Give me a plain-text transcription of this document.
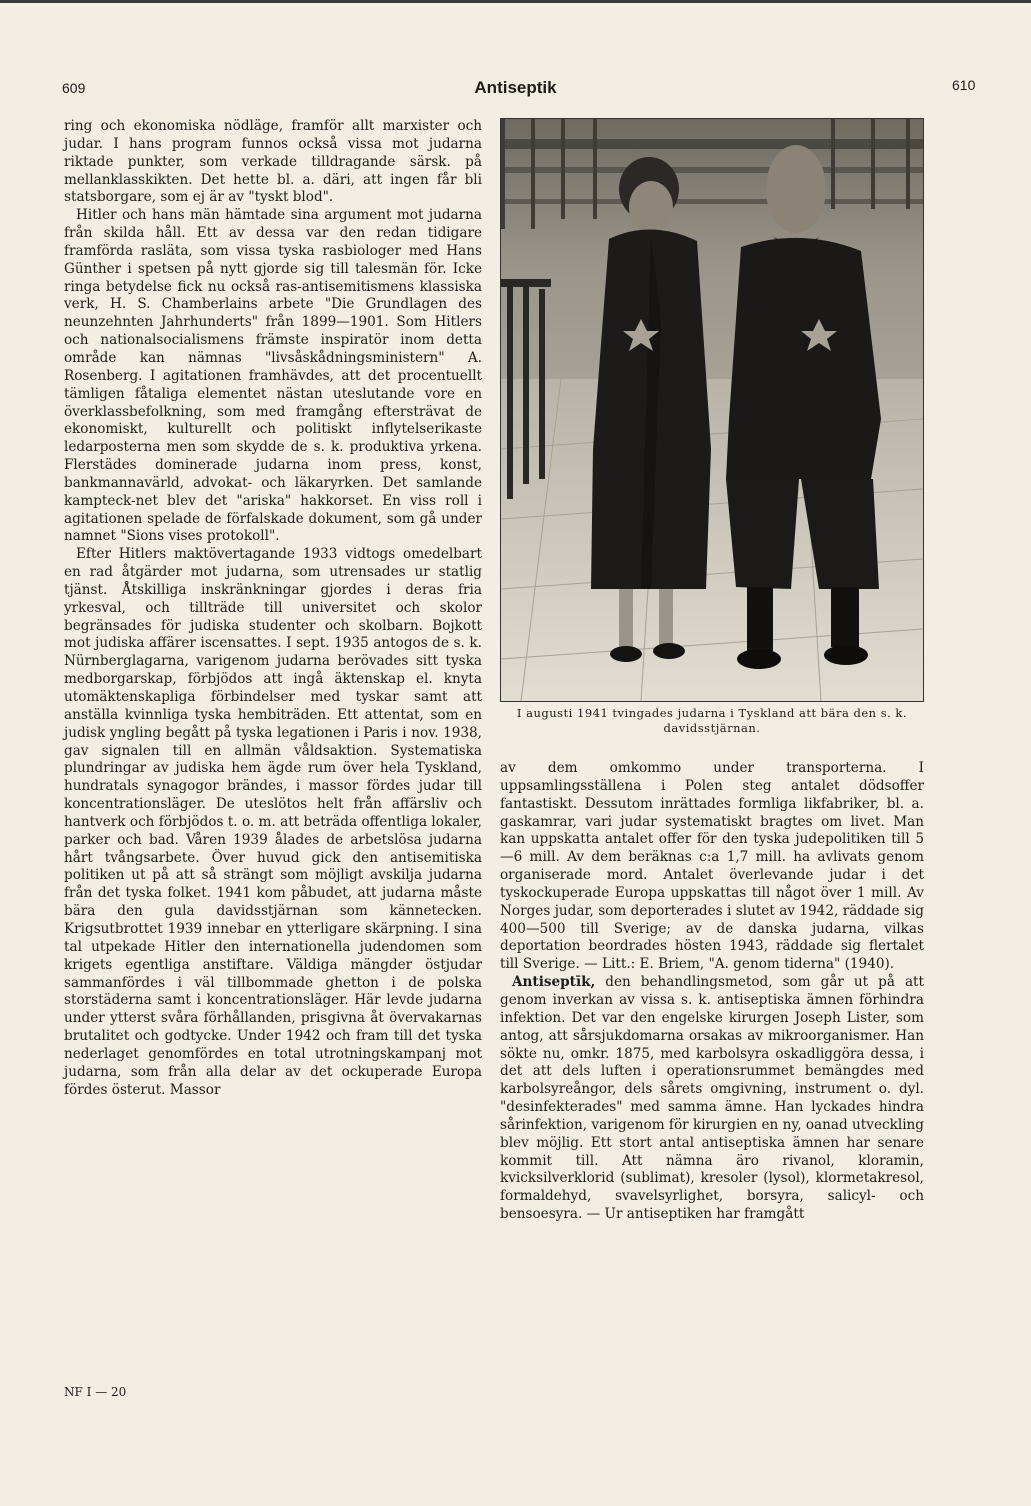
609	Antiseptik	610

ring och ekonomiska nödläge, framför allt marxister och judar. I hans program funnos också vissa mot judarna riktade punkter, som verkade tilldragande särsk. på mellanklasskikten. Det hette bl. a. däri, att ingen får bli statsborgare, som ej är av "tyskt blod".

Hitler och hans män hämtade sina argument mot judarna från skilda håll. Ett av dessa var den redan tidigare framförda rasläta, som vissa tyska rasbiologer med Hans Günther i spetsen på nytt gjorde sig till talesmän för. Icke ringa betydelse fick nu också ras-antisemitismens klassiska verk, H. S. Chamberlains arbete "Die Grundlagen des neunzehnten Jahrhunderts" från 1899—1901. Som Hitlers och nationalsocialismens främste inspiratör inom detta område kan nämnas "livsåskådningsministern" A. Rosenberg. I agitationen framhävdes, att det procentuellt tämligen fåtaliga elementet nästan uteslutande vore en överklassbefolkning, som med framgång eftersträvat de ekonomiskt, kulturellt och politiskt inflytelserikaste ledarposterna men som skydde de s. k. produktiva yrkena. Flerstädes dominerade judarna inom press, konst, bankmannavärld, advokat- och läkaryrken. Det samlande kampteck-net blev det "ariska" hakkorset. En viss roll i agitationen spelade de förfalskade dokument, som gå under namnet "Sions vises protokoll".

Efter Hitlers maktövertagande 1933 vidtogs omedelbart en rad åtgärder mot judarna, som utrensades ur statlig tjänst. Åtskilliga inskränkningar gjordes i deras fria yrkesval, och tillträde till universitet och skolor begränsades för judiska studenter och skolbarn. Bojkott mot judiska affärer iscensattes. I sept. 1935 antogos de s. k. Nürnberglagarna, varigenom judarna berövades sitt tyska medborgarskap, förbjödos att ingå äktenskap el. knyta utomäktenskapliga förbindelser med tyskar samt att anställa kvinnliga tyska hembiträden. Ett attentat, som en judisk yngling begått på tyska legationen i Paris i nov. 1938, gav signalen till en allmän våldsaktion. Systematiska plundringar av judiska hem ägde rum över hela Tyskland, hundratals synagogor brändes, i massor fördes judar till koncentrationsläger. De uteslötos helt från affärsliv och hantverk och förbjödos t. o. m. att beträda offentliga lokaler, parker och bad. Våren 1939 ålades de arbetslösa judarna hårt tvångsarbete. Över huvud gick den antisemitiska politiken ut på att så strängt som möjligt avskilja judarna från det tyska folket. 1941 kom påbudet, att judarna måste bära den gula davidsstjärnan som kännetecken. Krigsutbrottet 1939 innebar en ytterligare skärpning. I sina tal utpekade Hitler den internationella judendomen som krigets egentliga anstiftare. Väldiga mängder östjudar sammanfördes i väl tillbommade ghetton i de polska storstäderna samt i koncentrationsläger. Här levde judarna under ytterst svåra förhållanden, prisgivna åt övervakarnas brutalitet och godtycke. Under 1942 och fram till det tyska nederlaget genomfördes en total utrotningskampanj mot judarna, som från alla delar av det ockuperade Europa fördes österut. Massor

I augusti 1941 tvingades judarna i Tyskland att bära den s. k. davidsstjärnan.

av dem omkommo under transporterna. I uppsamlingsställena i Polen steg antalet dödsoffer fantastiskt. Dessutom inrättades formliga likfabriker, bl. a. gaskamrar, vari judar systematiskt bragtes om livet. Man kan uppskatta antalet offer för den tyska judepolitiken till 5—6 mill. Av dem beräknas c:a 1,7 mill. ha avlivats genom organiserade mord. Antalet överlevande judar i det tyskockuperade Europa uppskattas till något över 1 mill. Av Norges judar, som deporterades i slutet av 1942, räddade sig 400—500 till Sverige; av de danska judarna, vilkas deportation beordrades hösten 1943, räddade sig flertalet till Sverige. — Litt.: E. Briem, "A. genom tiderna" (1940).

Antiseptīk, den behandlingsmetod, som går ut på att genom inverkan av vissa s. k. antiseptiska ämnen förhindra infektion. Det var den engelske kirurgen Joseph Lister, som antog, att sårsjukdomarna orsakas av mikroorganismer. Han sökte nu, omkr. 1875, med karbolsyra oskadliggöra dessa, i det att dels luften i operationsrummet bemängdes med karbolsyreångor, dels sårets omgivning, instrument o. dyl. "desinfekterades" med samma ämne. Han lyckades hindra sårinfektion, varigenom för kirurgien en ny, oanad utveckling blev möjlig. Ett stort antal antiseptiska ämnen har senare kommit till. Att nämna äro rivanol, kloramin, kvicksilverklorid (sublimat), kresoler (lysol), klormetakresol, formaldehyd, svavelsyrlighet, borsyra, salicyl- och bensoesyra. — Ur antiseptiken har framgått

NF I — 20
